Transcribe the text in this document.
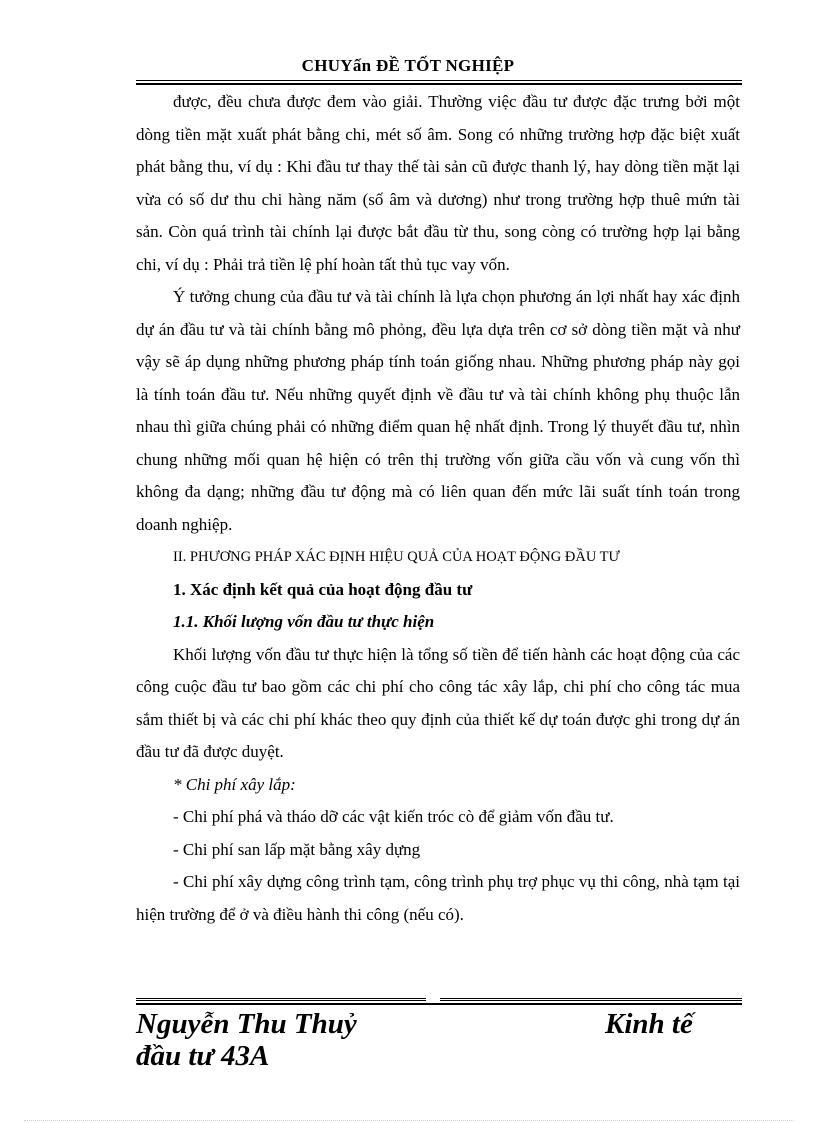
CHUYấn ĐỀ TỐT NGHIỆP

được, đều chưa được đem vào giải. Thường việc đầu tư được đặc trưng bởi một dòng tiền mặt xuất phát bằng chi, mét số âm. Song có những trường hợp đặc biệt xuất phát bằng thu, ví dụ : Khi đầu tư thay thế tài sản cũ được thanh lý, hay dòng tiền mặt lại vừa có số dư thu chi hàng năm (số âm và dương) như trong trường hợp thuê mứn tài sản. Còn quá trình tài chính lại được bắt đầu từ thu, song còng có trường hợp lại bằng chi, ví dụ : Phải trả tiền lệ phí hoàn tất thủ tục vay vốn.

Ý tưởng chung của đầu tư và tài chính là lựa chọn phương án lợi nhất hay xác định dự án đầu tư và tài chính bằng mô phỏng, đều lựa dựa trên cơ sở dòng tiền mặt và như vậy sẽ áp dụng những phương pháp tính toán giống nhau. Những phương pháp này gọi là tính toán đầu tư. Nếu những quyết định về đầu tư và tài chính không phụ thuộc lẫn nhau thì giữa chúng phải có những điểm quan hệ nhất định. Trong lý thuyết đầu tư, nhìn chung những mối quan hệ hiện có trên thị trường vốn giữa cầu vốn và cung vốn thì không đa dạng; những đầu tư động mà có liên quan đến mức lãi suất tính toán trong doanh nghiệp.

II. PHƯƠNG PHÁP XÁC ĐỊNH HIỆU QUẢ CỦA HOẠT ĐỘNG ĐẦU TƯ

1. Xác định kết quả của hoạt động đầu tư

1.1. Khối lượng vốn đầu tư thực hiện

Khối lượng vốn đầu tư thực hiện là tổng số tiền để tiến hành các hoạt động của các công cuộc đầu tư bao gồm các chi phí cho công tác xây lắp, chi phí cho công tác mua sắm thiết bị và các chi phí khác theo quy định của thiết kế dự toán được ghi trong dự án đầu tư đã được duyệt.

* Chi phí xây lắp:

- Chi phí phá và tháo dỡ các vật kiến tróc cò để giảm vốn đầu tư.

- Chi phí san lấp mặt bằng xây dựng

- Chi phí xây dựng công trình tạm, công trình phụ trợ phục vụ thi công, nhà tạm tại hiện trường để ở và điều hành thi công (nếu có).

Nguyễn Thu Thuỷ	Kinh tế
đầu tư 43A
